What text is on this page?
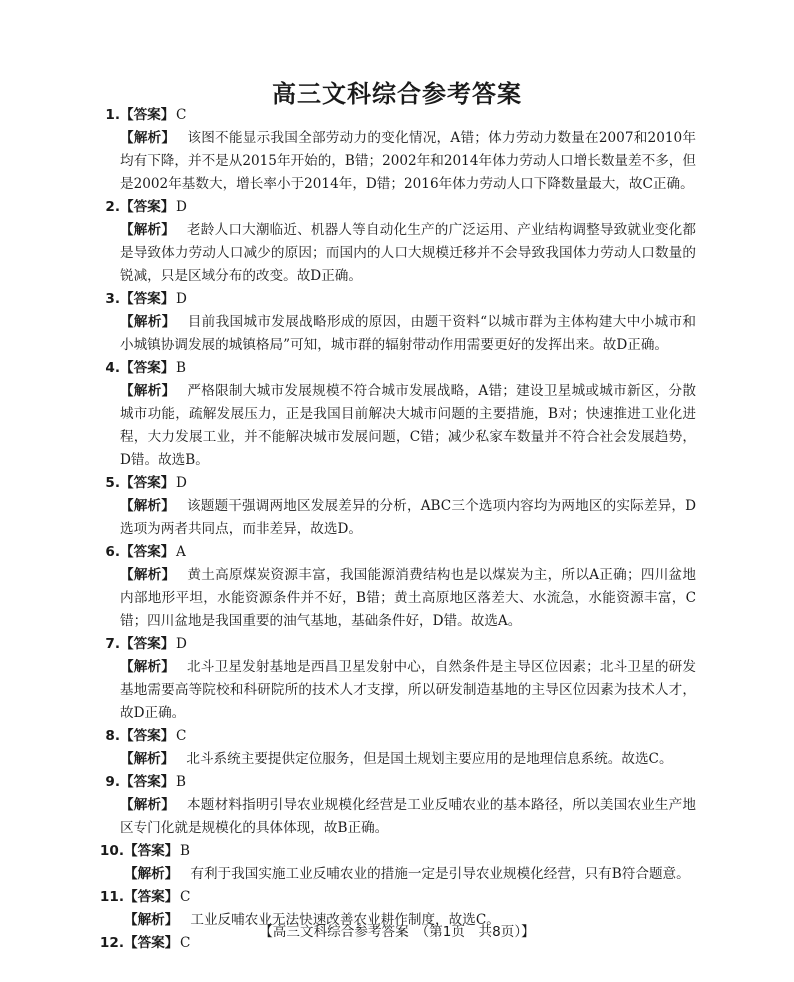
高三文科综合参考答案
1. 【答案】 C
【解析】 该图不能显示我国全部劳动力的变化情况，A错；体力劳动力数量在2007和2010年均有下降，并不是从2015年开始的，B错；2002年和2014年体力劳动人口增长数量差不多，但是2002年基数大，增长率小于2014年，D错；2016年体力劳动人口下降数量最大，故C正确。
2. 【答案】 D
【解析】 老龄人口大潮临近、机器人等自动化生产的广泛运用、产业结构调整导致就业变化都是导致体力劳动人口减少的原因；而国内的人口大规模迁移并不会导致我国体力劳动人口数量的锐减，只是区域分布的改变。故D正确。
3. 【答案】 D
【解析】 目前我国城市发展战略形成的原因，由题干资料“以城市群为主体构建大中小城市和小城镇协调发展的城镇格局”可知，城市群的辐射带动作用需要更好的发挥出来。故D正确。
4. 【答案】 B
【解析】 严格限制大城市发展规模不符合城市发展战略，A错；建设卫星城或城市新区，分散城市功能，疏解发展压力，正是我国目前解决大城市问题的主要措施，B对；快速推进工业化进程，大力发展工业，并不能解决城市发展问题，C错；减少私家车数量并不符合社会发展趋势，D错。故选B。
5. 【答案】 D
【解析】 该题题干强调两地区发展差异的分析，ABC三个选项内容均为两地区的实际差异，D选项为两者共同点，而非差异，故选D。
6. 【答案】 A
【解析】 黄土高原煤炭资源丰富，我国能源消费结构也是以煤炭为主，所以A正确；四川盆地内部地形平坦，水能资源条件并不好，B错；黄土高原地区落差大、水流急，水能资源丰富，C错；四川盆地是我国重要的油气基地，基础条件好，D错。故选A。
7. 【答案】 D
【解析】 北斗卫星发射基地是西昌卫星发射中心，自然条件是主导区位因素；北斗卫星的研发基地需要高等院校和科研院所的技术人才支撑，所以研发制造基地的主导区位因素为技术人才，故D正确。
8. 【答案】 C
【解析】 北斗系统主要提供定位服务，但是国土规划主要应用的是地理信息系统。故选C。
9. 【答案】 B
【解析】 本题材料指明引导农业规模化经营是工业反哺农业的基本路径，所以美国农业生产地区专门化就是规模化的具体体现，故B正确。
10. 【答案】 B
【解析】 有利于我国实施工业反哺农业的措施一定是引导农业规模化经营，只有B符合题意。
11. 【答案】 C
【解析】 工业反哺农业无法快速改善农业耕作制度，故选C。
12. 【答案】 C
【高三文科综合参考答案　（第1页　共8页）】
